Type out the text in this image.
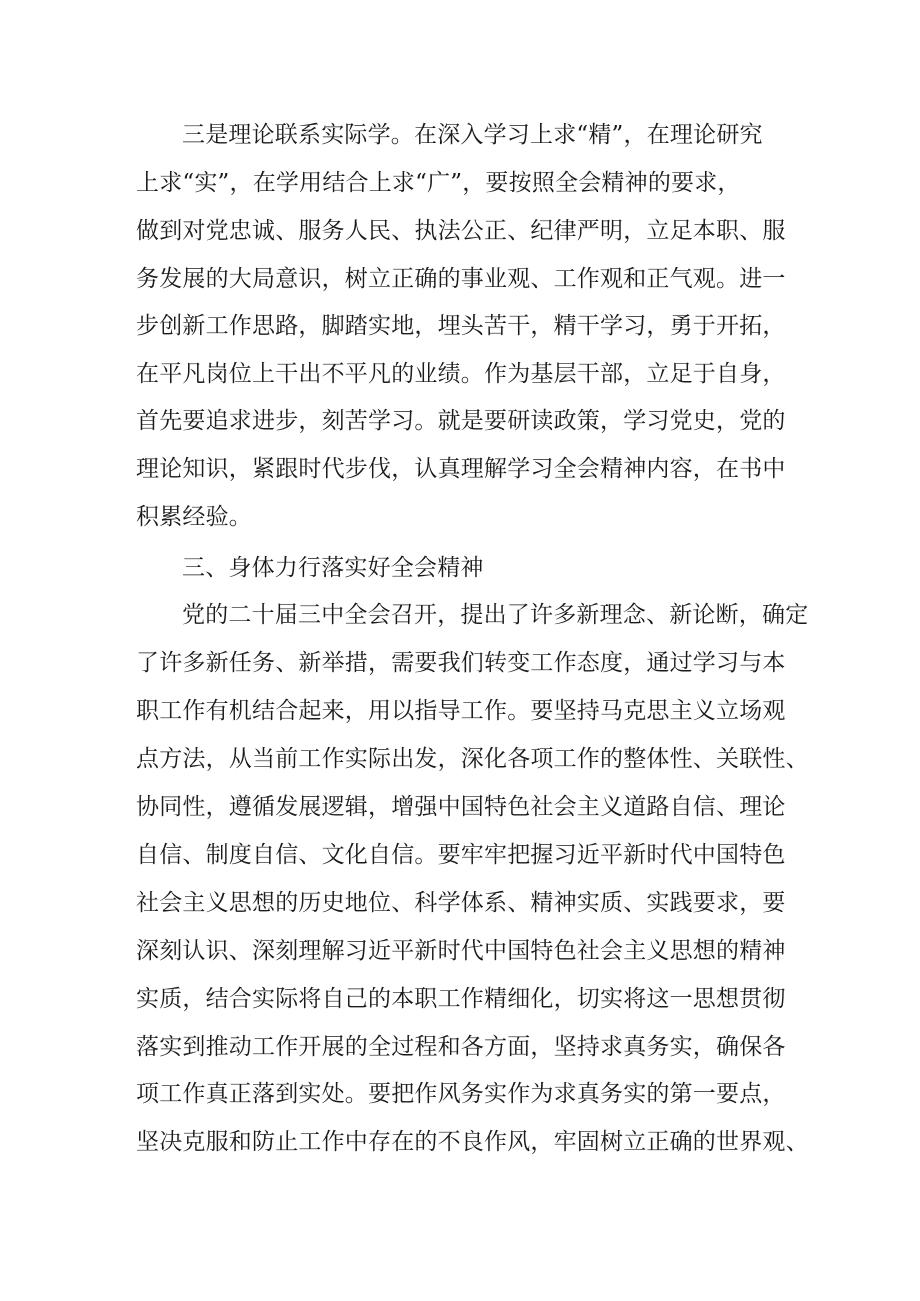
三是理论联系实际学。在深入学习上求“精”，在理论研究

上求“实”，在学用结合上求“广”，要按照全会精神的要求，

做到对党忠诚、服务人民、执法公正、纪律严明，立足本职、服

务发展的大局意识，树立正确的事业观、工作观和正气观。进一

步创新工作思路，脚踏实地，埋头苦干，精干学习，勇于开拓，

在平凡岗位上干出不平凡的业绩。作为基层干部，立足于自身，

首先要追求进步，刻苦学习。就是要研读政策，学习党史，党的

理论知识，紧跟时代步伐，认真理解学习全会精神内容，在书中

积累经验。

三、身体力行落实好全会精神

党的二十届三中全会召开，提出了许多新理念、新论断，确定

了许多新任务、新举措，需要我们转变工作态度，通过学习与本

职工作有机结合起来，用以指导工作。要坚持马克思主义立场观

点方法，从当前工作实际出发，深化各项工作的整体性、关联性、

协同性，遵循发展逻辑，增强中国特色社会主义道路自信、理论

自信、制度自信、文化自信。要牢牢把握习近平新时代中国特色

社会主义思想的历史地位、科学体系、精神实质、实践要求，要

深刻认识、深刻理解习近平新时代中国特色社会主义思想的精神

实质，结合实际将自己的本职工作精细化，切实将这一思想贯彻

落实到推动工作开展的全过程和各方面，坚持求真务实，确保各

项工作真正落到实处。要把作风务实作为求真务实的第一要点，

坚决克服和防止工作中存在的不良作风，牢固树立正确的世界观、
